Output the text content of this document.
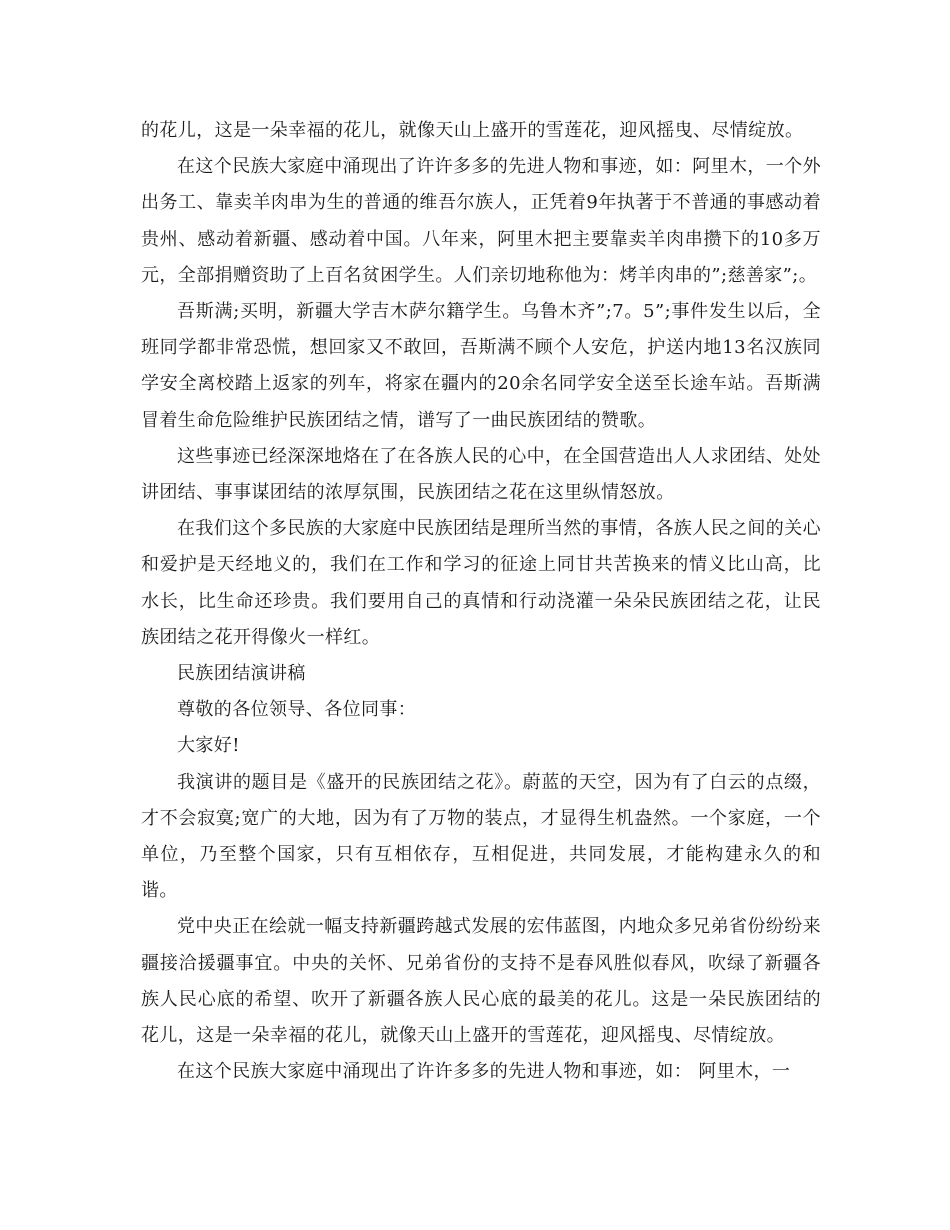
的花儿，这是一朵幸福的花儿，就像天山上盛开的雪莲花，迎风摇曳、尽情绽放。

在这个民族大家庭中涌现出了许许多多的先进人物和事迹，如：阿里木，一个外出务工、靠卖羊肉串为生的普通的维吾尔族人，正凭着9年执著于不普通的事感动着贵州、感动着新疆、感动着中国。八年来，阿里木把主要靠卖羊肉串攒下的10多万元，全部捐赠资助了上百名贫困学生。人们亲切地称他为：烤羊肉串的”;慈善家”;。

吾斯满;买明，新疆大学吉木萨尔籍学生。乌鲁木齐”;7。5”;事件发生以后，全班同学都非常恐慌，想回家又不敢回，吾斯满不顾个人安危，护送内地13名汉族同学安全离校踏上返家的列车，将家在疆内的20余名同学安全送至长途车站。吾斯满冒着生命危险维护民族团结之情，谱写了一曲民族团结的赞歌。

这些事迹已经深深地烙在了在各族人民的心中，在全国营造出人人求团结、处处讲团结、事事谋团结的浓厚氛围，民族团结之花在这里纵情怒放。

在我们这个多民族的大家庭中民族团结是理所当然的事情，各族人民之间的关心和爱护是天经地义的，我们在工作和学习的征途上同甘共苦换来的情义比山高，比水长，比生命还珍贵。我们要用自己的真情和行动浇灌一朵朵民族团结之花，让民族团结之花开得像火一样红。

民族团结演讲稿

尊敬的各位领导、各位同事：

大家好!

我演讲的题目是《盛开的民族团结之花》。蔚蓝的天空，因为有了白云的点缀，才不会寂寞;宽广的大地，因为有了万物的装点，才显得生机盎然。一个家庭，一个单位，乃至整个国家，只有互相依存，互相促进，共同发展，才能构建永久的和谐。

党中央正在绘就一幅支持新疆跨越式发展的宏伟蓝图，内地众多兄弟省份纷纷来疆接洽援疆事宜。中央的关怀、兄弟省份的支持不是春风胜似春风，吹绿了新疆各族人民心底的希望、吹开了新疆各族人民心底的最美的花儿。这是一朵民族团结的花儿，这是一朵幸福的花儿，就像天山上盛开的雪莲花，迎风摇曳、尽情绽放。

在这个民族大家庭中涌现出了许许多多的先进人物和事迹，如： 阿里木，一
